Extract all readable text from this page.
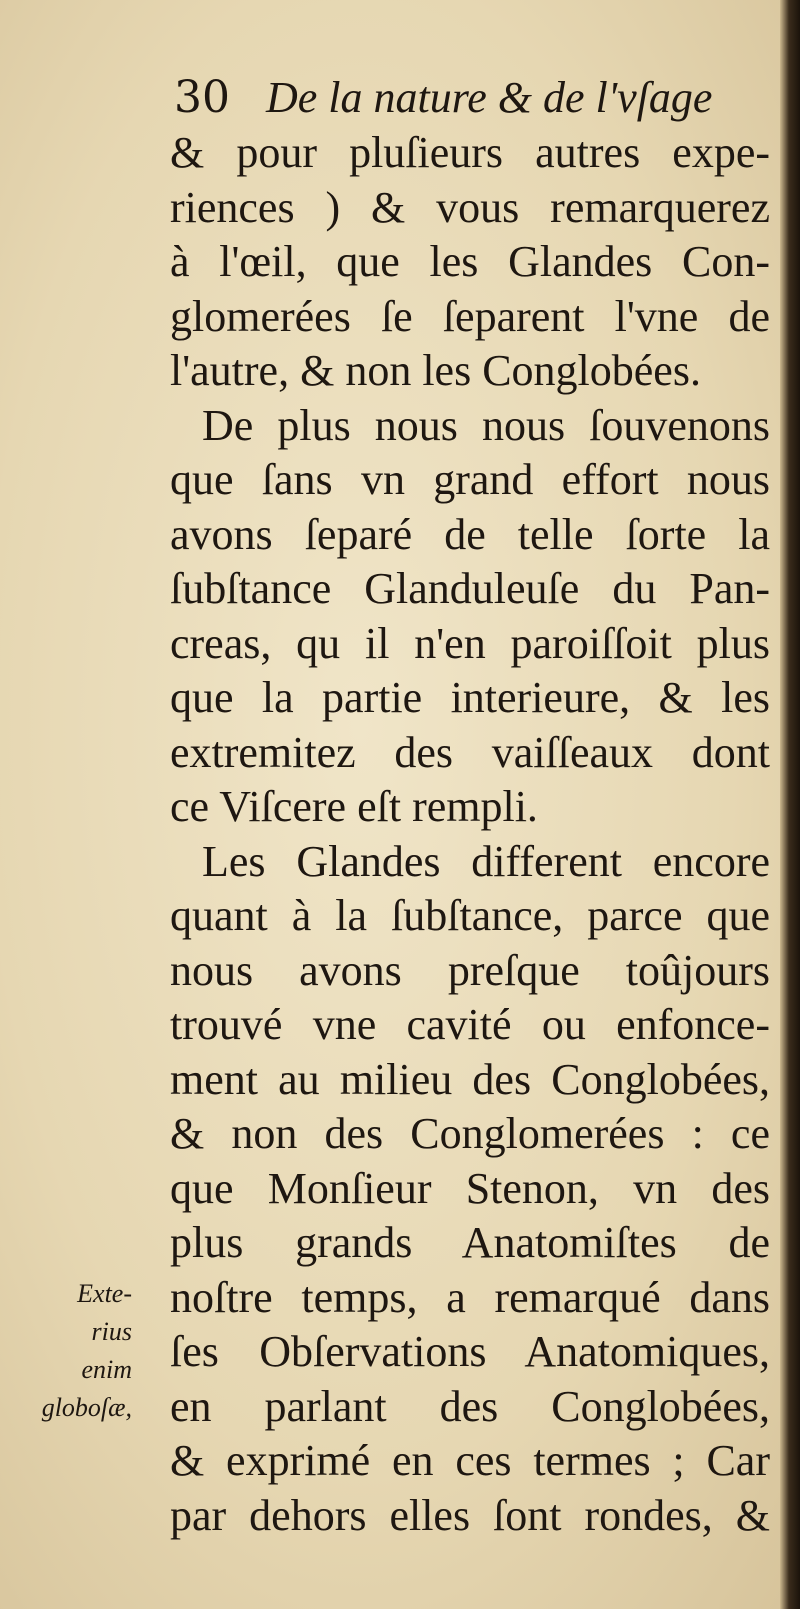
30 De la nature & de l'vſage
& pour pluſieurs autres expe-
riences ) & vous remarquerez
à l'œil, que les Glandes Con-
glomerées ſe ſeparent l'vne de
l'autre, & non les Conglobées.
De plus nous nous ſouvenons
que ſans vn grand effort nous
avons ſeparé de telle ſorte la
ſubſtance Glanduleuſe du Pan-
creas, qu il n'en paroiſſoit plus
que la partie interieure, & les
extremitez des vaiſſeaux dont
ce Viſcere eſt rempli.
Les Glandes different encore
quant à la ſubſtance, parce que
nous avons preſque toûjours
trouvé vne cavité ou enfonce-
ment au milieu des Conglobées,
& non des Conglomerées : ce
que Monſieur Stenon, vn des
plus grands Anatomiſtes de
noſtre temps, a remarqué dans
ſes Obſervations Anatomiques,
en parlant des Conglobées,
& exprimé en ces termes ; Car
par dehors elles ſont rondes, &
Exte-
rius
enim
globoſæ,
